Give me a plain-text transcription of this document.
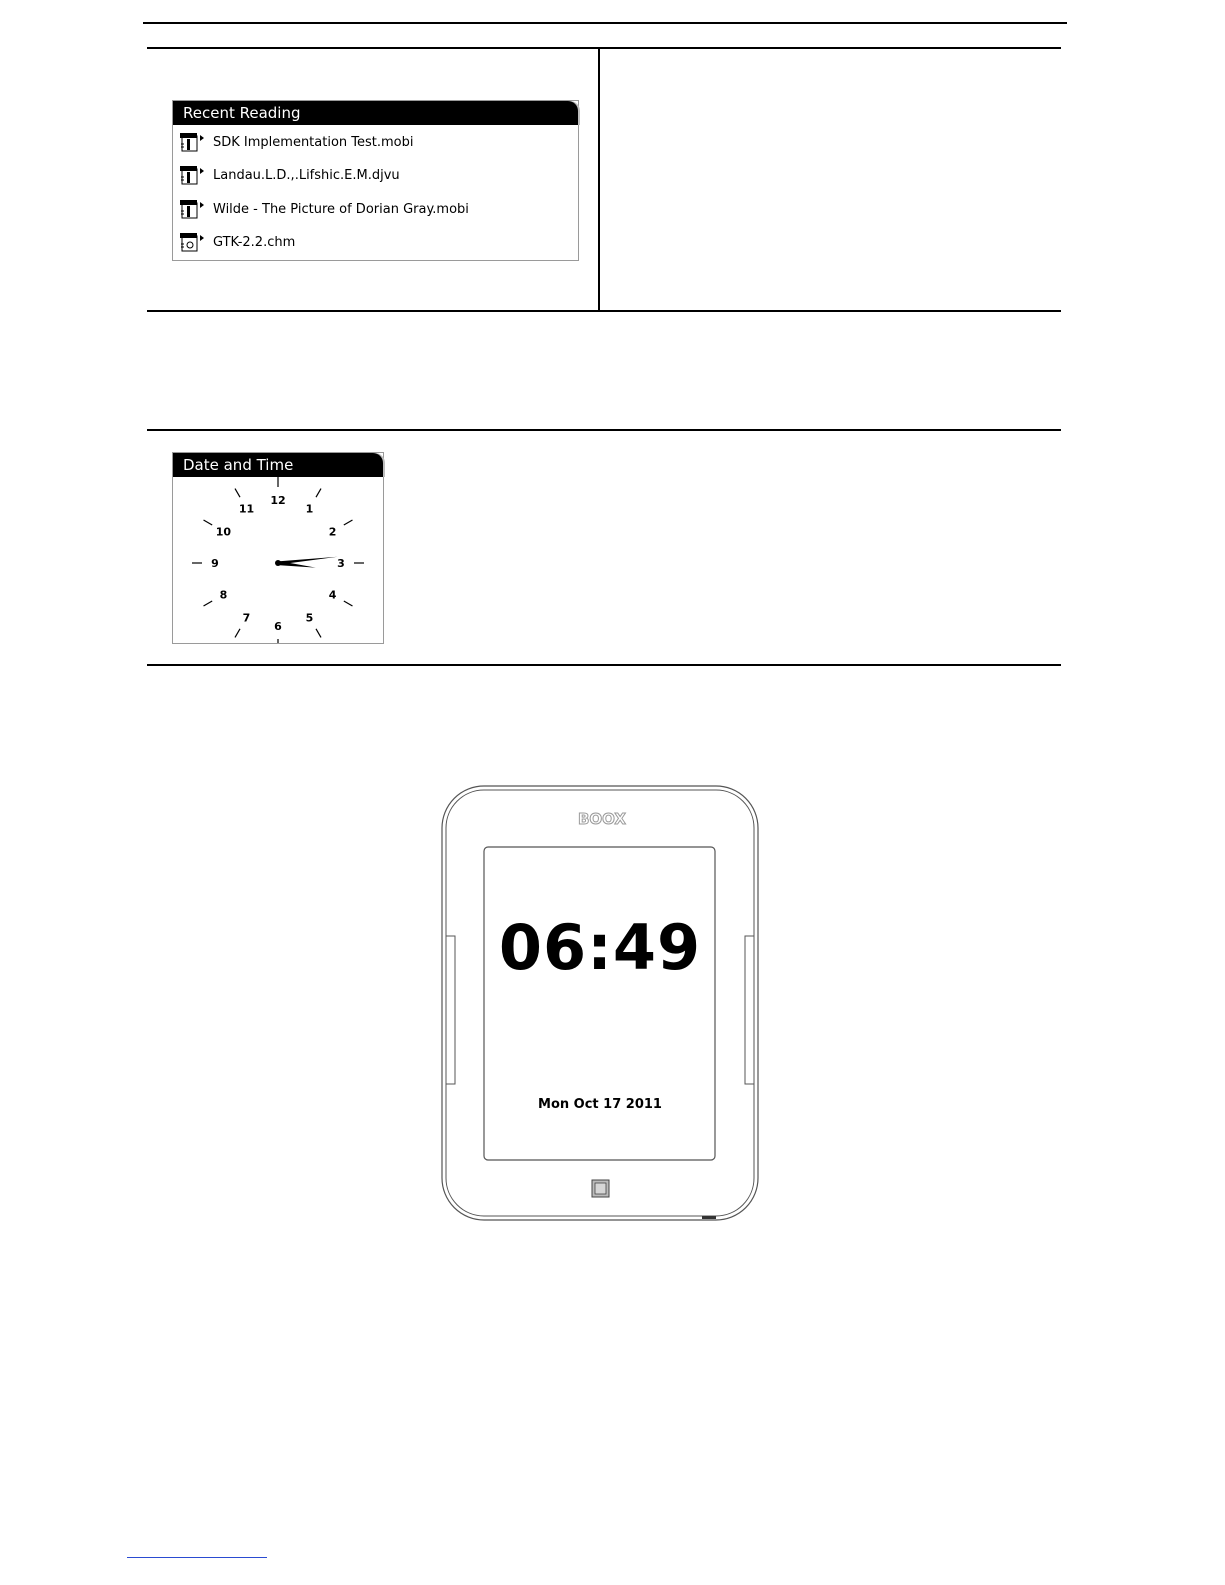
Recent Reading
SDK Implementation Test.mobi
Landau.L.D.,.Lifshic.E.M.djvu
Wilde - The Picture of Dorian Gray.mobi
GTK-2.2.chm
Date and Time
12
1
2
3
4
5
6
7
8
9
10
11
BOOX
06:49
Mon Oct 17 2011
